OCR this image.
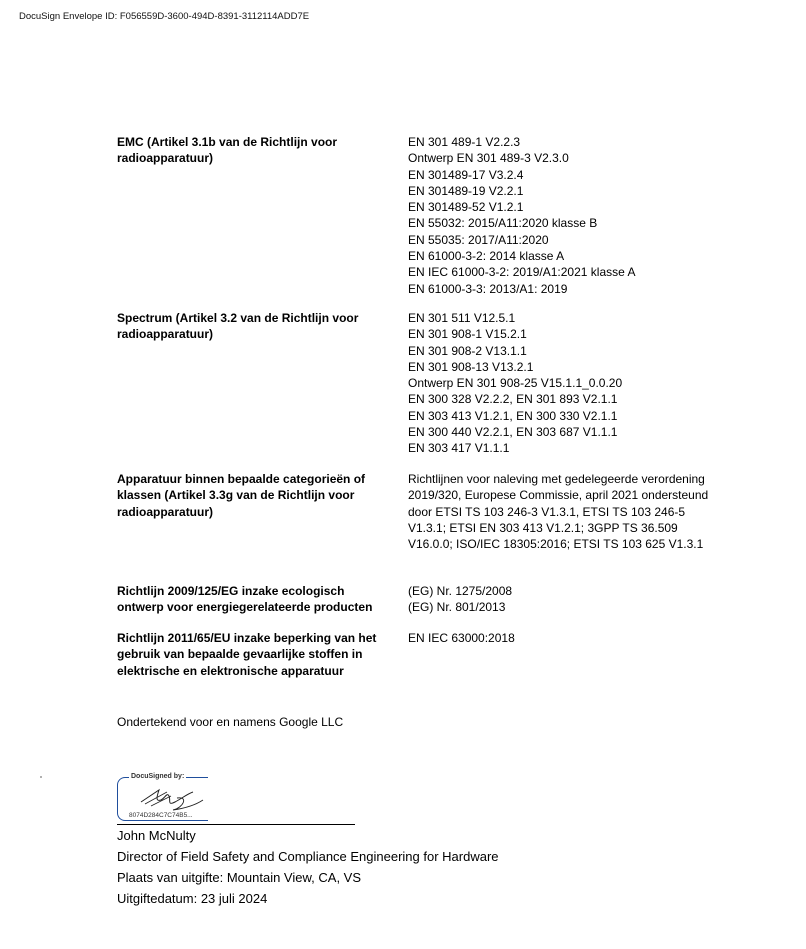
DocuSign Envelope ID: F056559D-3600-494D-8391-3112114ADD7E
EMC (Artikel 3.1b van de Richtlijn voor radioapparatuur)
EN 301 489-1 V2.2.3
Ontwerp EN 301 489-3 V2.3.0
EN 301489-17 V3.2.4
EN 301489-19 V2.2.1
EN 301489-52 V1.2.1
EN 55032: 2015/A11:2020 klasse B
EN 55035: 2017/A11:2020
EN 61000-3-2: 2014 klasse A
EN IEC 61000-3-2: 2019/A1:2021 klasse A
EN 61000-3-3: 2013/A1: 2019
Spectrum (Artikel 3.2 van de Richtlijn voor radioapparatuur)
EN 301 511 V12.5.1
EN 301 908-1 V15.2.1
EN 301 908-2 V13.1.1
EN 301 908-13 V13.2.1
Ontwerp EN 301 908-25 V15.1.1_0.0.20
EN 300 328 V2.2.2, EN 301 893 V2.1.1
EN 303 413 V1.2.1, EN 300 330 V2.1.1
EN 300 440 V2.2.1, EN 303 687 V1.1.1
EN 303 417 V1.1.1
Apparatuur binnen bepaalde categorieën of klassen (Artikel 3.3g van de Richtlijn voor radioapparatuur)
Richtlijnen voor naleving met gedelegeerde verordening 2019/320, Europese Commissie, april 2021 ondersteund door ETSI TS 103 246-3 V1.3.1, ETSI TS 103 246-5 V1.3.1; ETSI EN 303 413 V1.2.1; 3GPP TS 36.509 V16.0.0; ISO/IEC 18305:2016; ETSI TS 103 625 V1.3.1
Richtlijn 2009/125/EG inzake ecologisch ontwerp voor energiegerelateerde producten
(EG) Nr. 1275/2008
(EG) Nr. 801/2013
Richtlijn 2011/65/EU inzake beperking van het gebruik van bepaalde gevaarlijke stoffen in elektrische en elektronische apparatuur
EN IEC 63000:2018
Ondertekend voor en namens Google LLC
DocuSigned by:
8074D284C7C74B5...
John McNulty
Director of Field Safety and Compliance Engineering for Hardware
Plaats van uitgifte: Mountain View, CA, VS
Uitgiftedatum: 23 juli 2024
